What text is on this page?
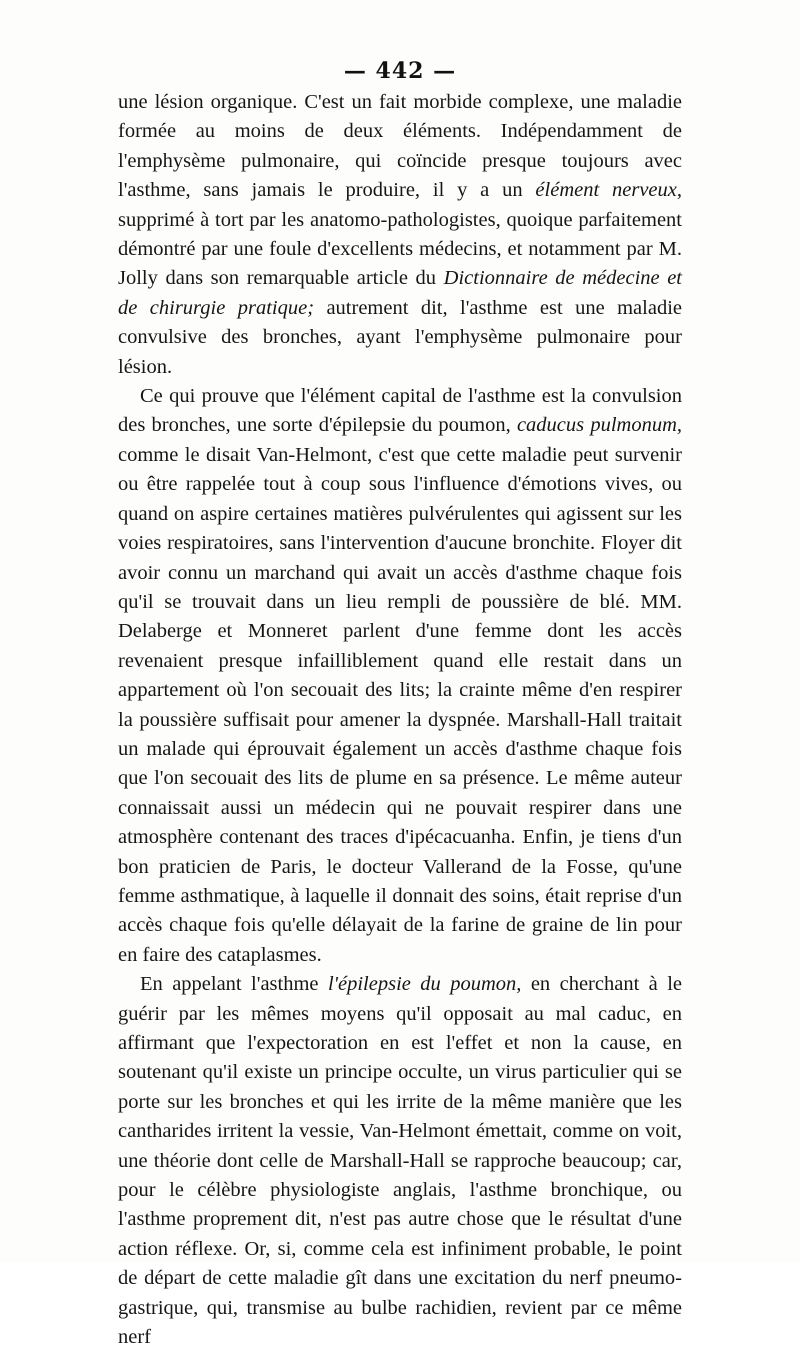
— 442 —

une lésion organique. C'est un fait morbide complexe, une maladie formée au moins de deux éléments. Indépendamment de l'emphysème pulmonaire, qui coïncide presque toujours avec l'asthme, sans jamais le produire, il y a un élément nerveux, supprimé à tort par les anatomo-pathologistes, quoique parfaitement démontré par une foule d'excellents médecins, et notamment par M. Jolly dans son remarquable article du Dictionnaire de médecine et de chirurgie pratique; autrement dit, l'asthme est une maladie convulsive des bronches, ayant l'emphysème pulmonaire pour lésion.

Ce qui prouve que l'élément capital de l'asthme est la convulsion des bronches, une sorte d'épilepsie du poumon, caducus pulmonum, comme le disait Van-Helmont, c'est que cette maladie peut survenir ou être rappelée tout à coup sous l'influence d'émotions vives, ou quand on aspire certaines matières pulvérulentes qui agissent sur les voies respiratoires, sans l'intervention d'aucune bronchite. Floyer dit avoir connu un marchand qui avait un accès d'asthme chaque fois qu'il se trouvait dans un lieu rempli de poussière de blé. MM. Delaberge et Monneret parlent d'une femme dont les accès revenaient presque infailliblement quand elle restait dans un appartement où l'on secouait des lits; la crainte même d'en respirer la poussière suffisait pour amener la dyspnée. Marshall-Hall traitait un malade qui éprouvait également un accès d'asthme chaque fois que l'on secouait des lits de plume en sa présence. Le même auteur connaissait aussi un médecin qui ne pouvait respirer dans une atmosphère contenant des traces d'ipécacuanha. Enfin, je tiens d'un bon praticien de Paris, le docteur Vallerand de la Fosse, qu'une femme asthmatique, à laquelle il donnait des soins, était reprise d'un accès chaque fois qu'elle délayait de la farine de graine de lin pour en faire des cataplasmes.

En appelant l'asthme l'épilepsie du poumon, en cherchant à le guérir par les mêmes moyens qu'il opposait au mal caduc, en affirmant que l'expectoration en est l'effet et non la cause, en soutenant qu'il existe un principe occulte, un virus particulier qui se porte sur les bronches et qui les irrite de la même manière que les cantharides irritent la vessie, Van-Helmont émettait, comme on voit, une théorie dont celle de Marshall-Hall se rapproche beaucoup; car, pour le célèbre physiologiste anglais, l'asthme bronchique, ou l'asthme proprement dit, n'est pas autre chose que le résultat d'une action réflexe. Or, si, comme cela est infiniment probable, le point de départ de cette maladie gît dans une excitation du nerf pneumo-gastrique, qui, transmise au bulbe rachidien, revient par ce même nerf
